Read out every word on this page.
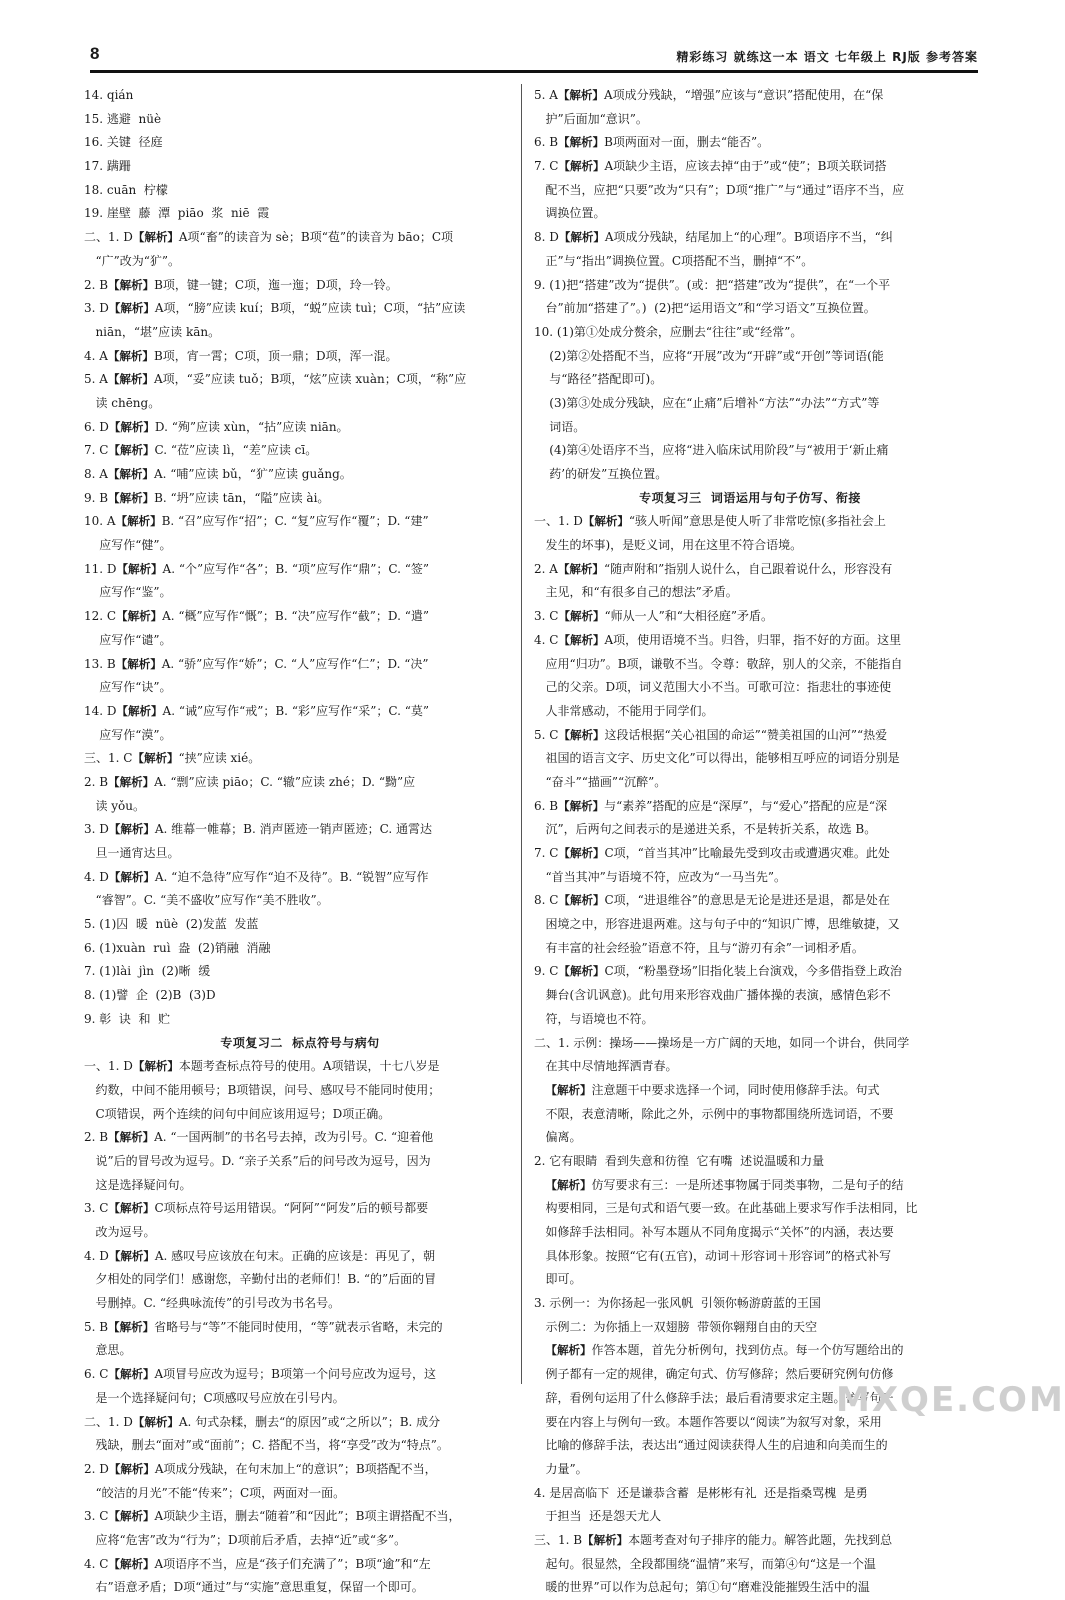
8	精彩练习 就练这一本 语文 七年级上 RJ版 参考答案
14. qián
15. 逃避  nüè
16. 关键  径庭
17. 蹒跚
18. cuān  柠檬
19. 崖壁  藤  潭  piāo  浆  niē  霞
二、1. D【解析】A项“畜”的读音为 sè；B项“苞”的读音为 bāo；C项
“广”改为“犷”。
2. B【解析】B项，键一键；C项，迤一迤；D项，玲一铃。
3. D【解析】A项，“膀”应读 kuí；B项，“蜕”应读 tuì；C项，“拈”应读
niān，“堪”应读 kān。
4. A【解析】B项，宵一霄；C项，顶一鼎；D项，浑一混。
5. A【解析】A项，“妥”应读 tuǒ；B项，“炫”应读 xuàn；C项，“称”应
读 chēng。
6. D【解析】D. “殉”应读 xùn，“拈”应读 niān。
7. C【解析】C. “莅”应读 lì，“差”应读 cī。
8. A【解析】A. “哺”应读 bǔ，“犷”应读 guǎng。
9. B【解析】B. “坍”应读 tān，“隘”应读 ài。
10. A【解析】B. “召”应写作“招”；C. “复”应写作“覆”；D. “建”
应写作“健”。
11. D【解析】A. “个”应写作“各”；B. “项”应写作“鼎”；C. “签”
应写作“鉴”。
12. C【解析】A. “概”应写作“慨”；B. “决”应写作“截”；D. “遣”
应写作“谴”。
13. B【解析】A. “骄”应写作“娇”；C. “人”应写作“仁”；D. “决”
应写作“诀”。
14. D【解析】A. “诫”应写作“戒”；B. “彩”应写作“采”；C. “莫”
应写作“漠”。
三、1. C【解析】“挟”应读 xié。
2. B【解析】A. “剽”应读 piāo；C. “辙”应读 zhé；D. “黝”应
读 yǒu。
3. D【解析】A. 维幕一帷幕；B. 消声匿迹一销声匿迹；C. 通霄达
旦一通宵达旦。
4. D【解析】A. “迫不急待”应写作“迫不及待”。B. “锐智”应写作
“睿智”。C. “美不盛收”应写作“美不胜收”。
5. (1)囚  暖  nüè  (2)发蓝  发蓝
6. (1)xuàn  ruì  盎  (2)销融  消融
7. (1)lài  jìn  (2)晰  缓
8. (1)譬  企  (2)B  (3)D
9. 彰  诀  和  贮
专项复习二  标点符号与病句
一、1. D【解析】本题考查标点符号的使用。A项错误，十七八岁是
约数，中间不能用顿号；B项错误，问号、感叹号不能同时使用；
C项错误，两个连续的问句中间应该用逗号；D项正确。
2. B【解析】A. “一国两制”的书名号去掉，改为引号。C. “迎着他
说”后的冒号改为逗号。D. “亲子关系”后的问号改为逗号，因为
这是选择疑问句。
3. C【解析】C项标点符号运用错误。“阿阿”“阿发”后的顿号都要
改为逗号。
4. D【解析】A. 感叹号应该放在句末。正确的应该是：再见了，朝
夕相处的同学们！感谢您，辛勤付出的老师们！B. “的”后面的冒
号删掉。C. “经典咏流传”的引号改为书名号。
5. B【解析】省略号与“等”不能同时使用，“等”就表示省略，未完的
意思。
6. C【解析】A项冒号应改为逗号；B项第一个问号应改为逗号，这
是一个选择疑问句；C项感叹号应放在引号内。
二、1. D【解析】A. 句式杂糅，删去“的原因”或“之所以”；B. 成分
残缺，删去“面对”或“面前”；C. 搭配不当，将“享受”改为“特点”。
2. D【解析】A项成分残缺，在句末加上“的意识”；B项搭配不当，
“皎洁的月光”不能“传来”；C项，两面对一面。
3. C【解析】A项缺少主语，删去“随着”和“因此”；B项主谓搭配不当，
应将“危害”改为“行为”；D项前后矛盾，去掉“近”或“多”。
4. C【解析】A项语序不当，应是“孩子们充满了”；B项“逾”和“左
右”语意矛盾；D项“通过”与“实施”意思重复，保留一个即可。
5. A【解析】A项成分残缺，“增强”应该与“意识”搭配使用，在“保
护”后面加“意识”。
6. B【解析】B项两面对一面，删去“能否”。
7. C【解析】A项缺少主语，应该去掉“由于”或“使”；B项关联词搭
配不当，应把“只要”改为“只有”；D项“推广”与“通过”语序不当，应
调换位置。
8. D【解析】A项成分残缺，结尾加上“的心理”。B项语序不当，“纠
正”与“指出”调换位置。C项搭配不当，删掉“不”。
9. (1)把“搭建”改为“提供”。(或：把“搭建”改为“提供”，在“一个平
台”前加“搭建了”。)  (2)把“运用语文”和“学习语文”互换位置。
10. (1)第①处成分赘余，应删去“往往”或“经常”。
(2)第②处搭配不当，应将“开展”改为“开辟”或“开创”等词语(能
与“路径”搭配即可)。
(3)第③处成分残缺，应在“止痛”后增补“方法”“办法”“方式”等
词语。
(4)第④处语序不当，应将“进入临床试用阶段”与“被用于‘新止痛
药’的研发”互换位置。
专项复习三  词语运用与句子仿写、衔接
一、1. D【解析】“骇人听闻”意思是使人听了非常吃惊(多指社会上
发生的坏事)，是贬义词，用在这里不符合语境。
2. A【解析】“随声附和”指别人说什么，自己跟着说什么，形容没有
主见，和“有很多自己的想法”矛盾。
3. C【解析】“师从一人”和“大相径庭”矛盾。
4. C【解析】A项，使用语境不当。归咎，归罪，指不好的方面。这里
应用“归功”。B项，谦敬不当。令尊：敬辞，别人的父亲，不能指自
己的父亲。D项，词义范围大小不当。可歌可泣：指悲壮的事迹使
人非常感动，不能用于同学们。
5. C【解析】这段话根据“关心祖国的命运”“赞美祖国的山河”“热爱
祖国的语言文字、历史文化”可以得出，能够相互呼应的词语分别是
“奋斗”“描画”“沉醉”。
6. B【解析】与“素养”搭配的应是“深厚”，与“爱心”搭配的应是“深
沉”，后两句之间表示的是递进关系，不是转折关系，故选 B。
7. C【解析】C项，“首当其冲”比喻最先受到攻击或遭遇灾难。此处
“首当其冲”与语境不符，应改为“一马当先”。
8. C【解析】C项，“进退维谷”的意思是无论是进还是退，都是处在
困境之中，形容进退两难。这与句子中的“知识广博，思维敏捷，又
有丰富的社会经验”语意不符，且与“游刃有余”一词相矛盾。
9. C【解析】C项，“粉墨登场”旧指化装上台演戏，今多借指登上政治
舞台(含讥讽意)。此句用来形容戏曲广播体操的表演，感情色彩不
符，与语境也不符。
二、1. 示例：操场——操场是一方广阔的天地，如同一个讲台，供同学
在其中尽情地挥洒青春。
【解析】注意题干中要求选择一个词，同时使用修辞手法。句式
不限，表意清晰，除此之外，示例中的事物都围绕所选词语，不要
偏离。
2. 它有眼睛  看到失意和彷徨  它有嘴  述说温暖和力量
【解析】仿写要求有三：一是所述事物属于同类事物，二是句子的结
构要相同，三是句式和语气要一致。在此基础上要求写作手法相同，比
如修辞手法相同。补写本题从不同角度揭示“关怀”的内涵，表达要
具体形象。按照“它有(五官)，动词＋形容词＋形容词”的格式补写
即可。
3. 示例一：为你扬起一张风帆  引领你畅游蔚蓝的王国
示例二：为你插上一双翅膀  带领你翱翔自由的天空
【解析】作答本题，首先分析例句，找到仿点。每一个仿写题给出的
例子都有一定的规律，确定句式、仿写修辞；然后要研究例句仿修
辞，看例句运用了什么修辞手法；最后看清要求定主题。仿写句子
要在内容上与例句一致。本题作答要以“阅读”为叙写对象，采用
比喻的修辞手法，表达出“通过阅读获得人生的启迪和向美而生的
力量”。
4. 是居高临下  还是谦恭含蓄  是彬彬有礼  还是指桑骂槐  是勇
于担当  还是怨天尤人
三、1. B【解析】本题考查对句子排序的能力。解答此题，先找到总
起句。很显然，全段都围绕“温情”来写，而第④句“这是一个温
暖的世界”可以作为总起句；第①句“磨难没能摧毁生活中的温
MXQE.COM
